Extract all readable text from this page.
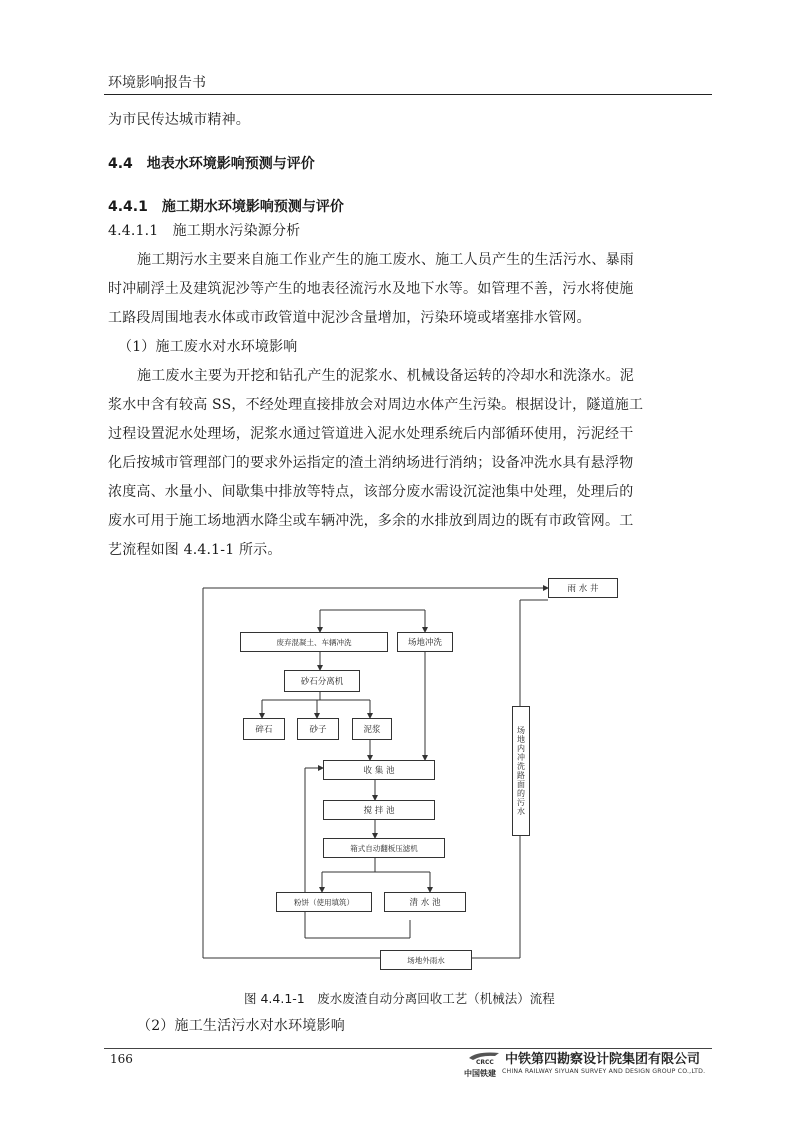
环境影响报告书
为市民传达城市精神。
4.4　地表水环境影响预测与评价
4.4.1　施工期水环境影响预测与评价
4.4.1.1　施工期水污染源分析
施工期污水主要来自施工作业产生的施工废水、施工人员产生的生活污水、暴雨
时冲刷浮土及建筑泥沙等产生的地表径流污水及地下水等。如管理不善，污水将使施
工路段周围地表水体或市政管道中泥沙含量增加，污染环境或堵塞排水管网。
（1）施工废水对水环境影响
施工废水主要为开挖和钻孔产生的泥浆水、机械设备运转的冷却水和洗涤水。泥
浆水中含有较高 SS，不经处理直接排放会对周边水体产生污染。根据设计，隧道施工
过程设置泥水处理场，泥浆水通过管道进入泥水处理系统后内部循环使用，污泥经干
化后按城市管理部门的要求外运指定的渣土消纳场进行消纳；设备冲洗水具有悬浮物
浓度高、水量小、间歇集中排放等特点，该部分废水需设沉淀池集中处理，处理后的
废水可用于施工场地洒水降尘或车辆冲洗，多余的水排放到周边的既有市政管网。工
艺流程如图 4.4.1-1 所示。
雨 水 井
废弃混凝土、车辆冲洗	场地冲洗
砂石分离机
碎石	砂子	泥浆
收 集 池
搅 拌 池
箱式自动翻板压滤机
粉饼（使用填筑）	清 水 池
场地外雨水
场地内冲洗路面的污水
图 4.4.1-1　废水废渣自动分离回收工艺（机械法）流程
（2）施工生活污水对水环境影响
166	CRCC
中国铁建
中铁第四勘察设计院集团有限公司
CHINA RAILWAY SIYUAN SURVEY AND DESIGN GROUP CO.,LTD.
